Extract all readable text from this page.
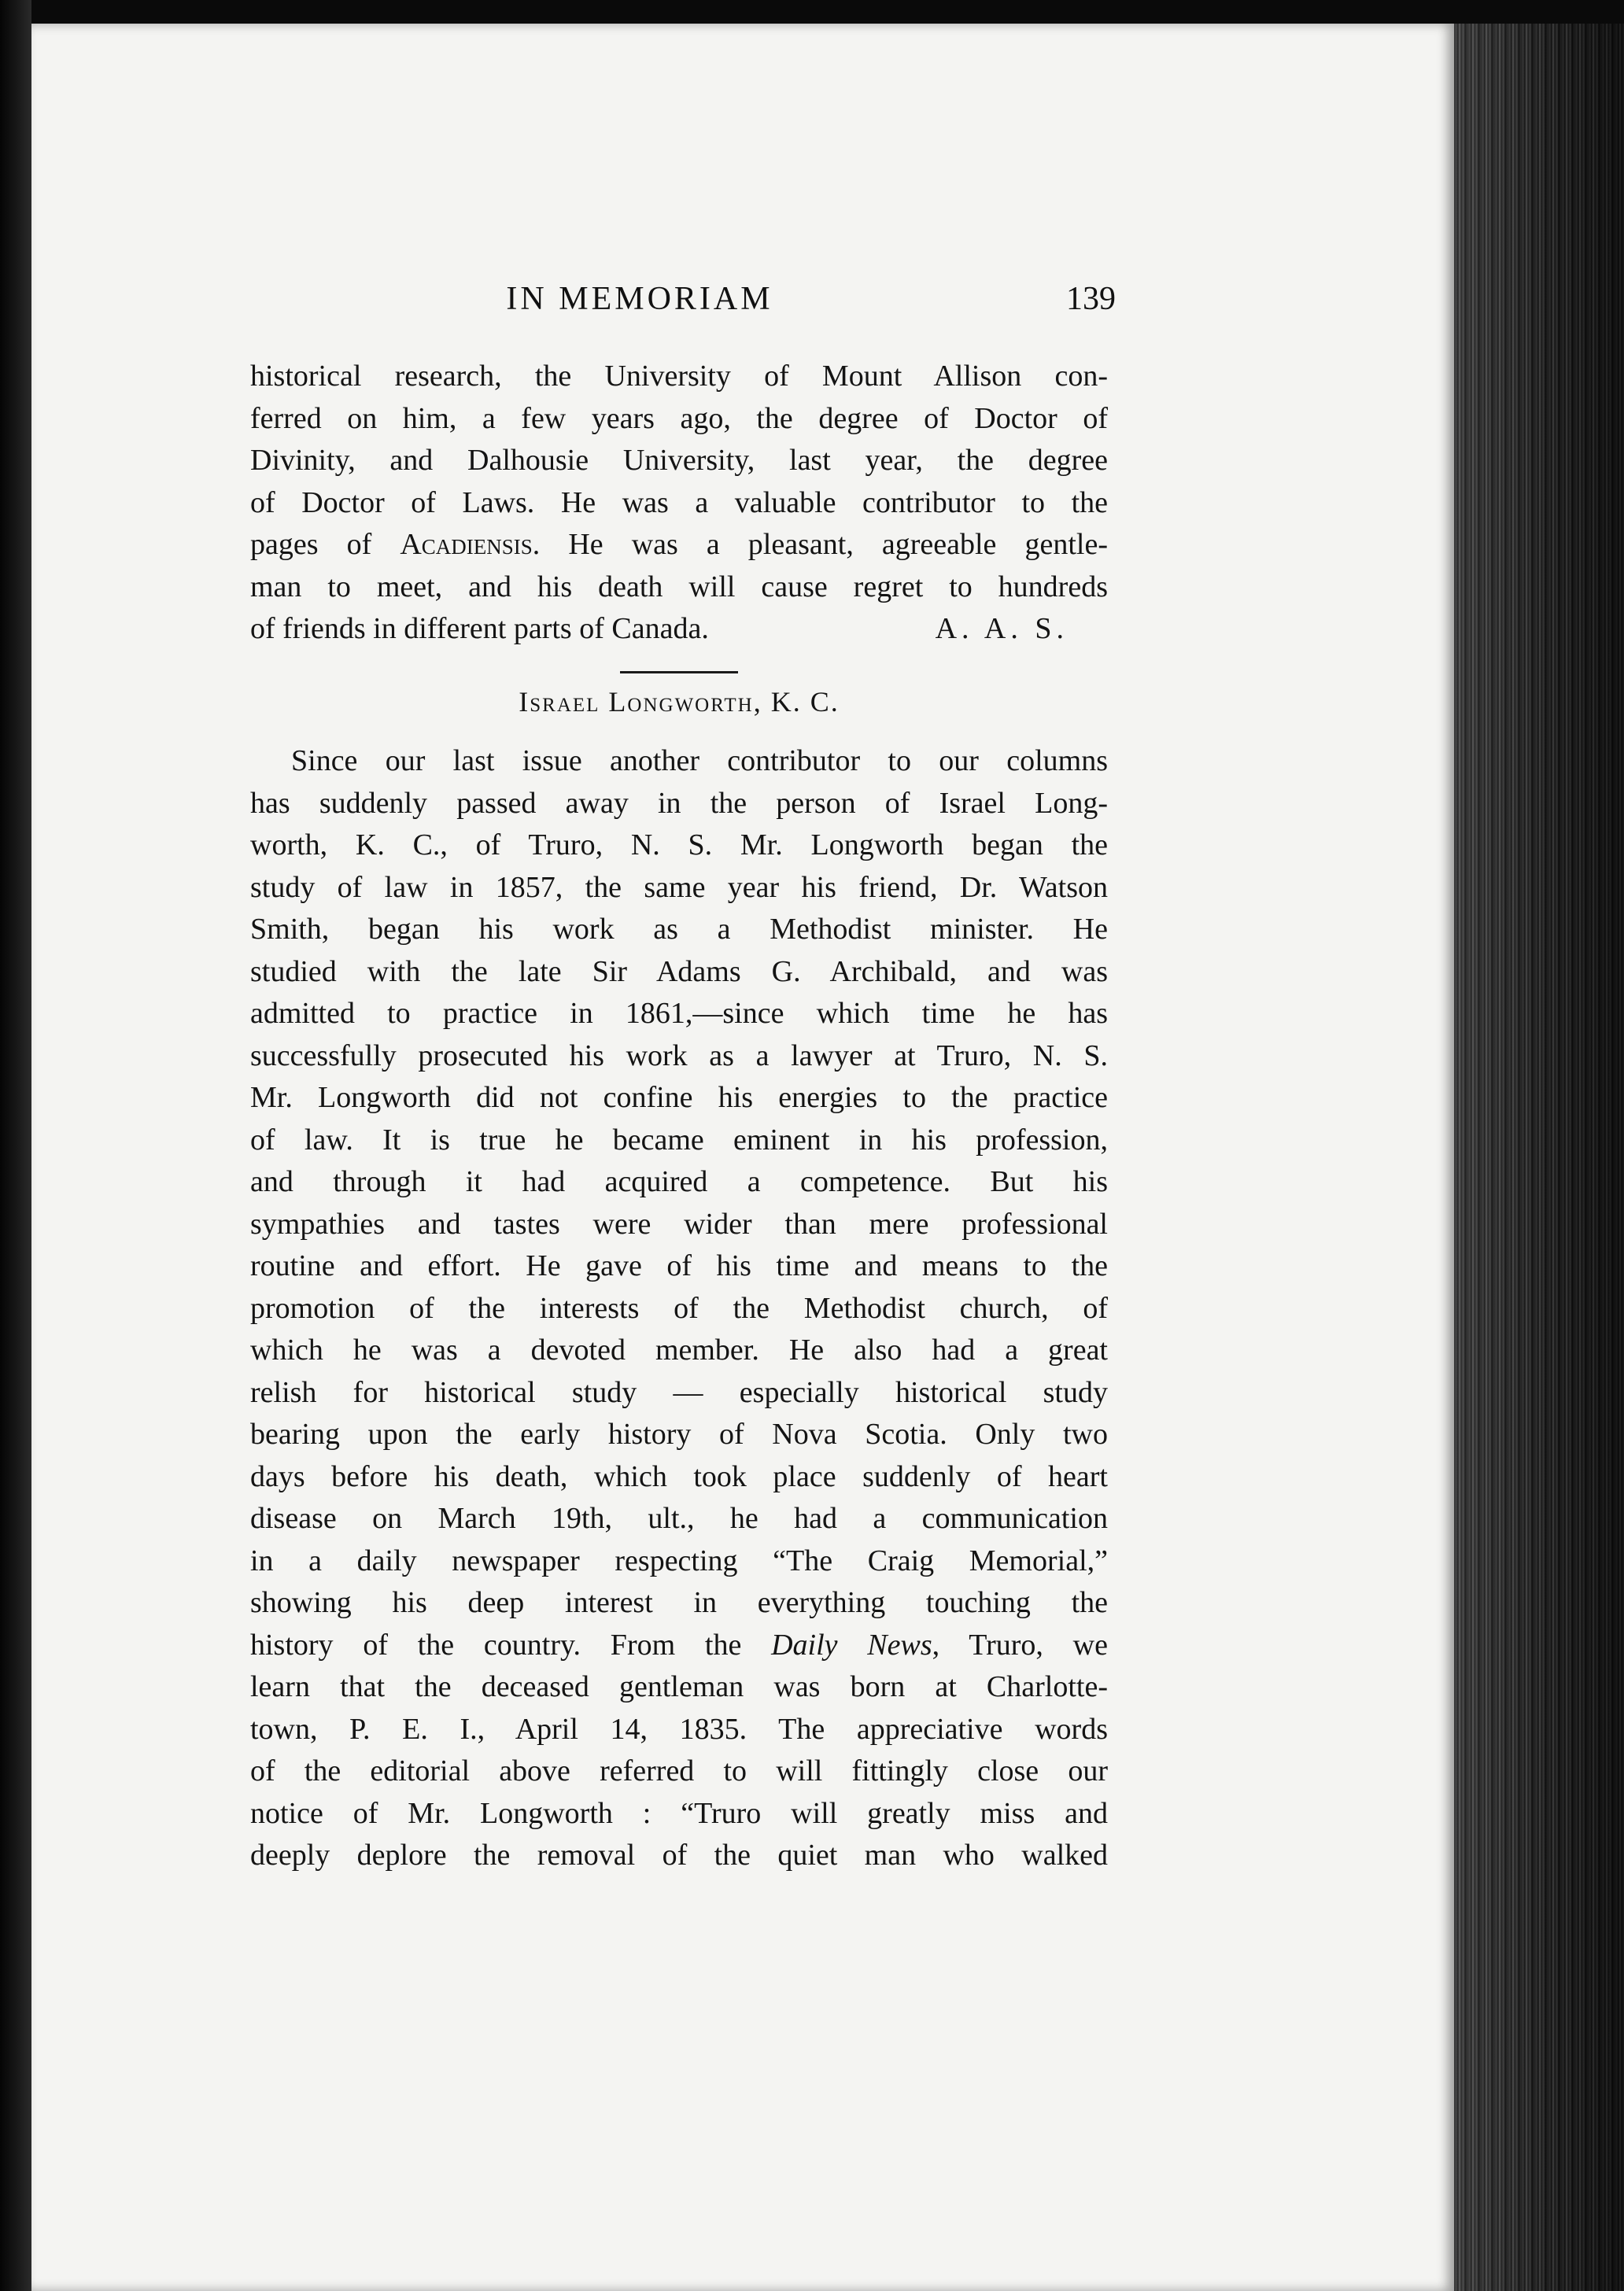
IN MEMORIAM	139
historical research, the University of Mount Allison con-
ferred on him, a few years ago, the degree of Doctor of
Divinity, and Dalhousie University, last year, the degree
of Doctor of Laws. He was a valuable contributor to the
pages of Acadiensis. He was a pleasant, agreeable gentle-
man to meet, and his death will cause regret to hundreds
of friends in different parts of Canada.	A. A. S.
Israel Longworth, K. C.
Since our last issue another contributor to our columns
has suddenly passed away in the person of Israel Long-
worth, K. C., of Truro, N. S. Mr. Longworth began the
study of law in 1857, the same year his friend, Dr. Watson
Smith, began his work as a Methodist minister. He
studied with the late Sir Adams G. Archibald, and was
admitted to practice in 1861,—since which time he has
successfully prosecuted his work as a lawyer at Truro, N. S.
Mr. Longworth did not confine his energies to the practice
of law. It is true he became eminent in his profession,
and through it had acquired a competence. But his
sympathies and tastes were wider than mere professional
routine and effort. He gave of his time and means to the
promotion of the interests of the Methodist church, of
which he was a devoted member. He also had a great
relish for historical study — especially historical study
bearing upon the early history of Nova Scotia. Only two
days before his death, which took place suddenly of heart
disease on March 19th, ult., he had a communication
in a daily newspaper respecting “The Craig Memorial,”
showing his deep interest in everything touching the
history of the country. From the Daily News, Truro, we
learn that the deceased gentleman was born at Charlotte-
town, P. E. I., April 14, 1835. The appreciative words
of the editorial above referred to will fittingly close our
notice of Mr. Longworth : “Truro will greatly miss and
deeply deplore the removal of the quiet man who walked
